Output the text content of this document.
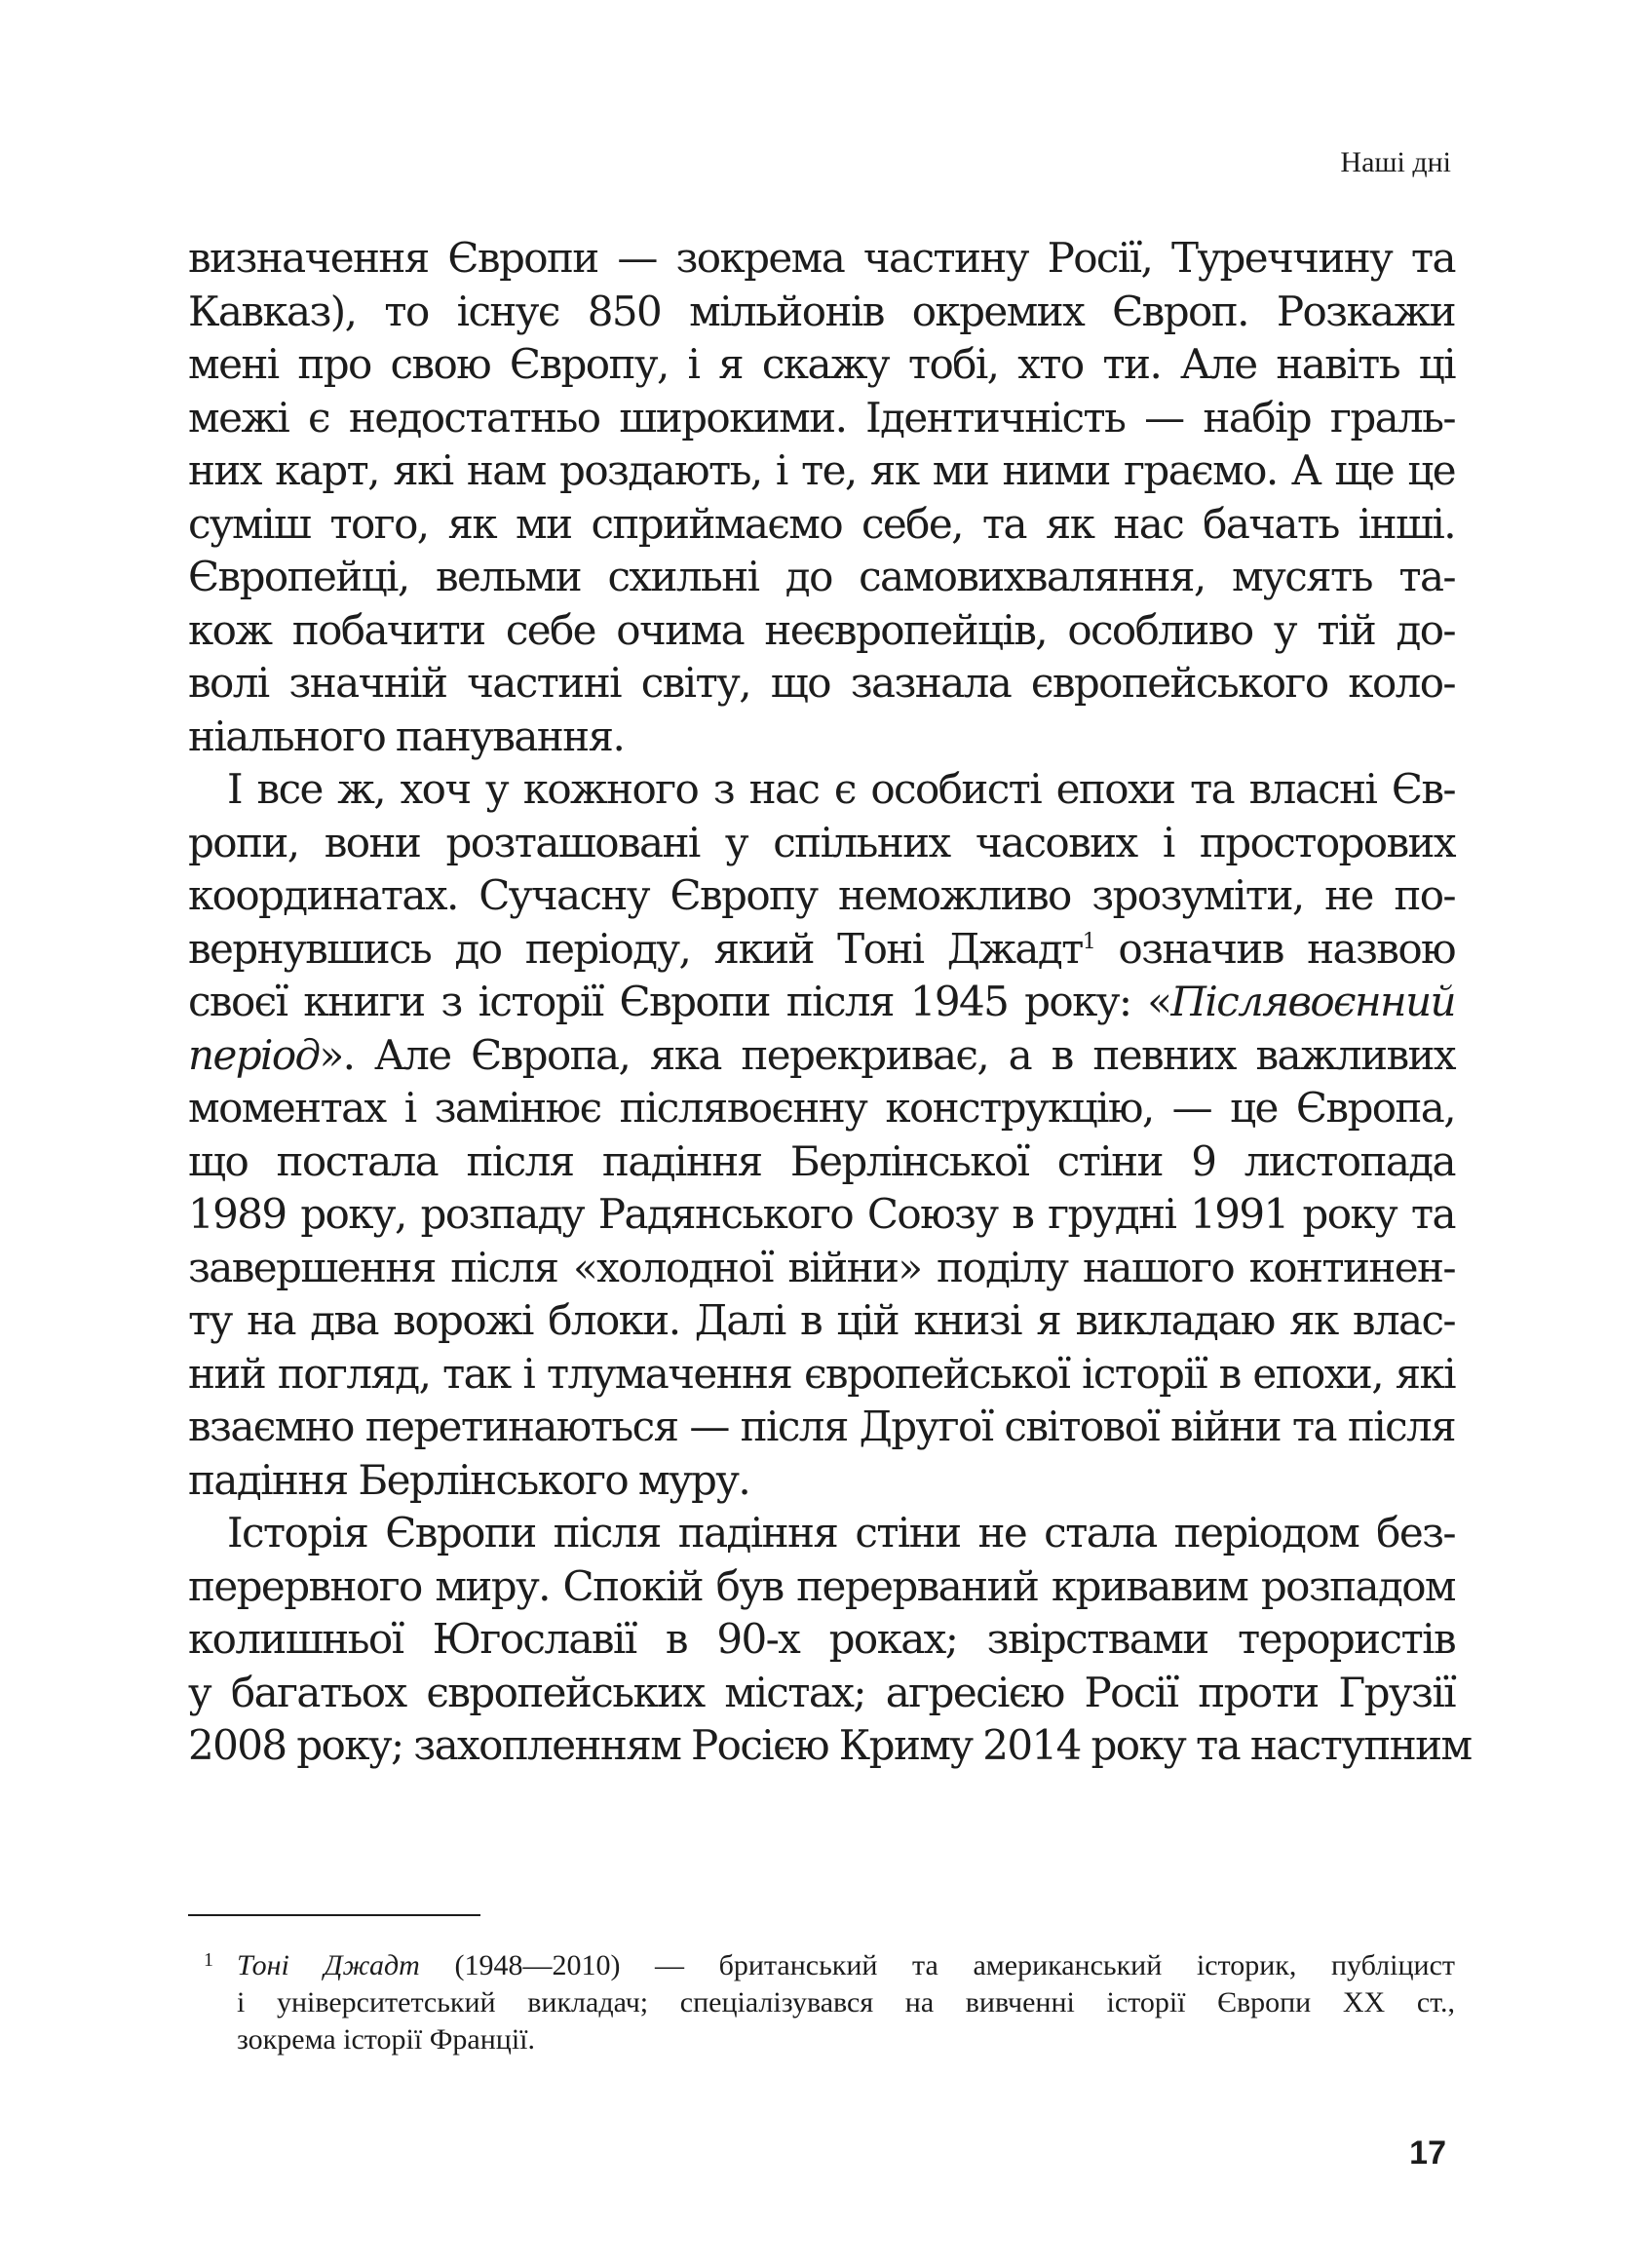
Наші дні
визначення Європи — зокрема частину Росії, Туреччину та
Кавказ), то існує 850 мільйонів окремих Європ. Розкажи
мені про свою Європу, і я скажу тобі, хто ти. Але навіть ці
межі є недостатньо широкими. Ідентичність — набір граль-
них карт, які нам роздають, і те, як ми ними граємо. А ще це
суміш того, як ми сприймаємо себе, та як нас бачать інші.
Європейці, вельми схильні до самовихваляння, мусять та-
кож побачити себе очима неєвропейців, особливо у тій до-
волі значній частині світу, що зазнала європейського коло-
ніального панування.
І все ж, хоч у кожного з нас є особисті епохи та власні Єв-
ропи, вони розташовані у спільних часових і просторових
координатах. Сучасну Європу неможливо зрозуміти, не по-
вернувшись до періоду, який Тоні Джадт$^1$ означив назвою
своєї книги з історії Європи після 1945 року: «Післявоєнний
період». Але Європа, яка перекриває, а в певних важливих
моментах і замінює післявоєнну конструкцію, — це Європа,
що постала після падіння Берлінської стіни 9 листопада
1989 року, розпаду Радянського Союзу в грудні 1991 року та
завершення після «холодної війни» поділу нашого континен-
ту на два ворожі блоки. Далі в цій книзі я викладаю як влас-
ний погляд, так і тлумачення європейської історії в епохи, які
взаємно перетинаються — після Другої світової війни та після
падіння Берлінського муру.
Історія Європи після падіння стіни не стала періодом без-
перервного миру. Спокій був перерваний кривавим розпадом
колишньої Югославії в 90-х роках; звірствами терористів
у багатьох європейських містах; агресією Росії проти Грузії
2008 року; захопленням Росією Криму 2014 року та наступним
1 Тоні Джадт (1948—2010) — британський та американський історик, публіцист
і університетський викладач; спеціалізувався на вивченні історії Європи ХХ ст.,
зокрема історії Франції.
17
